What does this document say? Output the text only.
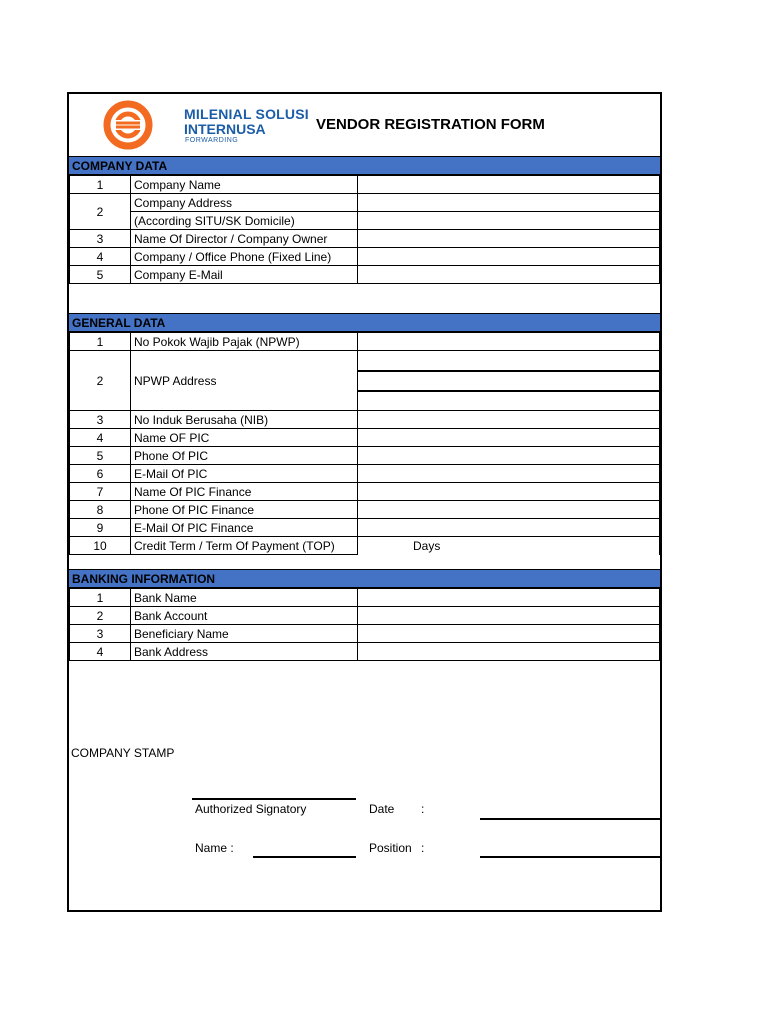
MILENIAL SOLUSI
INTERNUSA
FORWARDING
VENDOR REGISTRATION FORM
COMPANY DATA
1	Company Name	
2	Company Address	
	(According SITU/SK Domicile)	
3	Name Of Director / Company Owner	
4	Company / Office Phone (Fixed Line)	
5	Company E-Mail	
GENERAL DATA
1	No Pokok Wajib Pajak (NPWP)	
2	NPWP Address	

3	No Induk Berusaha (NIB)	
4	Name OF PIC	
5	Phone Of PIC	
6	E-Mail Of PIC	
7	Name Of PIC Finance	
8	Phone Of PIC Finance	
9	E-Mail Of PIC Finance	
10	Credit Term / Term Of Payment (TOP)	Days
BANKING INFORMATION
1	Bank Name	
2	Bank Account	
3	Beneficiary Name	
4	Bank Address	
COMPANY STAMP
Authorized Signatory	Date :
Name :	Position :
